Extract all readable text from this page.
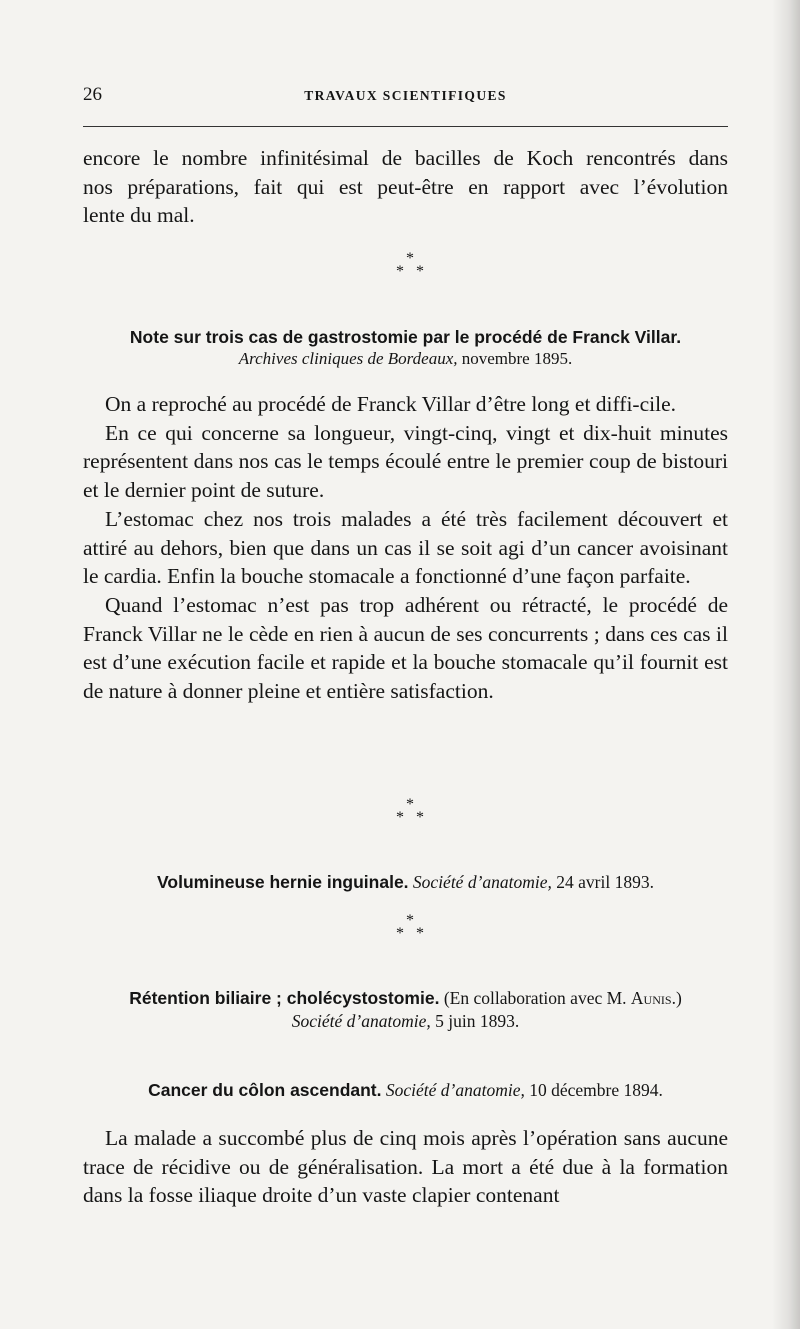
26	TRAVAUX SCIENTIFIQUES
encore le nombre infinitésimal de bacilles de Koch rencontrés dans
nos préparations, fait qui est peut-être en rapport avec l’évolution
lente du mal.
*
* *
Note sur trois cas de gastrostomie par le procédé de Franck Villar.
Archives cliniques de Bordeaux, novembre 1895.

On a reproché au procédé de Franck Villar d’être long et diffi-cile.

En ce qui concerne sa longueur, vingt-cinq, vingt et dix-huit minutes représentent dans nos cas le temps écoulé entre le premier coup de bistouri et le dernier point de suture.

L’estomac chez nos trois malades a été très facilement découvert et attiré au dehors, bien que dans un cas il se soit agi d’un cancer avoisinant le cardia. Enfin la bouche stomacale a fonctionné d’une façon parfaite.

Quand l’estomac n’est pas trop adhérent ou rétracté, le procédé de Franck Villar ne le cède en rien à aucun de ses concurrents ; dans ces cas il est d’une exécution facile et rapide et la bouche stomacale qu’il fournit est de nature à donner pleine et entière satisfaction.

*
* *
Volumineuse hernie inguinale. Société d’anatomie, 24 avril 1893.
*
* *
Rétention biliaire ; cholécystostomie. (En collaboration avec M. Aunis.)
Société d’anatomie, 5 juin 1893.
Cancer du côlon ascendant. Société d’anatomie, 10 décembre 1894.

La malade a succombé plus de cinq mois après l’opération sans aucune trace de récidive ou de généralisation. La mort a été due à la formation dans la fosse iliaque droite d’un vaste clapier contenant
